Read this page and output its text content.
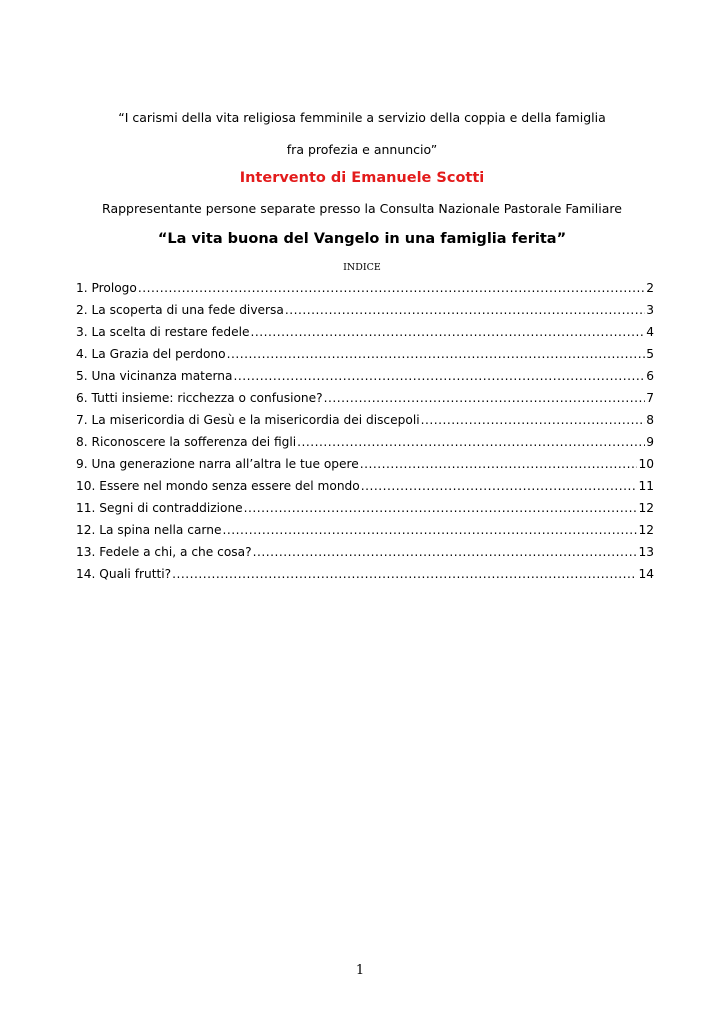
“I carismi della vita religiosa femminile a servizio della coppia e della famiglia
fra profezia e annuncio”
Intervento di Emanuele Scotti
Rappresentante persone separate presso la Consulta Nazionale Pastorale Familiare
“La vita buona del Vangelo in una famiglia ferita”
INDICE
1. Prologo .....	2
2. La scoperta di una fede diversa .....	3
3. La scelta di restare fedele .....	4
4. La Grazia del perdono .....	5
5. Una vicinanza materna .....	6
6. Tutti insieme: ricchezza o confusione? .....	7
7. La misericordia di Gesù e la misericordia dei discepoli .....	8
8. Riconoscere la sofferenza dei figli .....	9
9. Una generazione narra all’altra le tue opere .....	10
10. Essere nel mondo senza essere del mondo .....	11
11. Segni di contraddizione .....	12
12. La spina nella carne .....	12
13. Fedele a chi, a che cosa? .....	13
14. Quali frutti? .....	14
1
